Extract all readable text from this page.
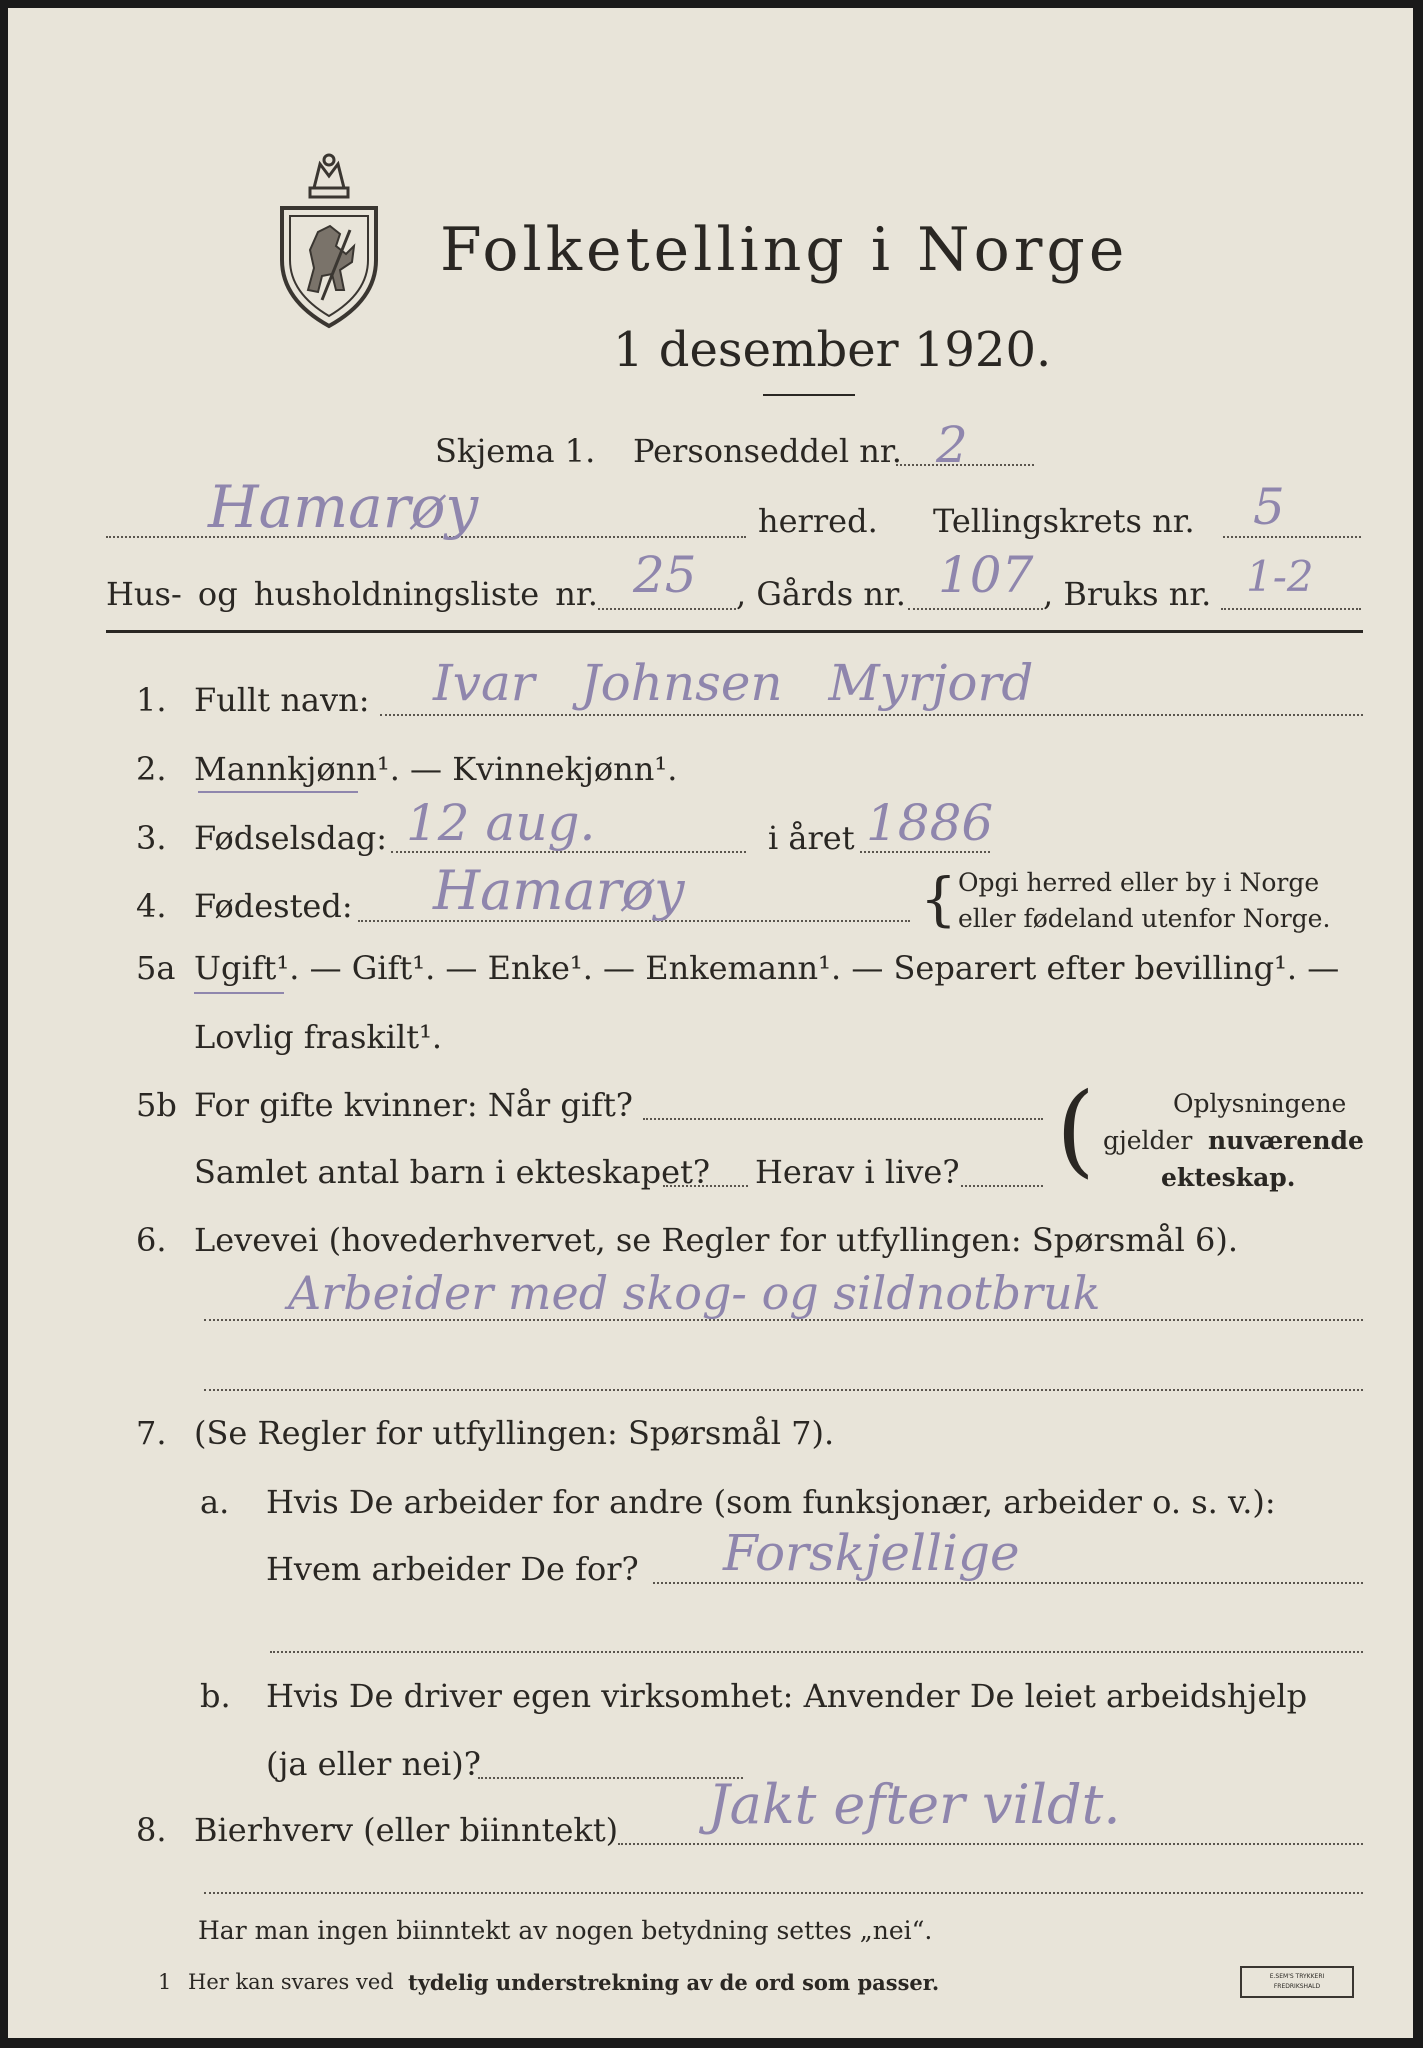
Folketelling i Norge
1 desember 1920.
Skjema 1. Personseddel nr. 2
Hamarøy	herred. Tellingskrets nr. 5
Hus- og husholdningsliste nr. 25 , Gårds nr. 107 , Bruks nr. 1-2
1. Fullt navn: Ivar Johnsen Myrjord
2. Mannkjønn¹. — Kvinnekjønn¹.
3. Fødselsdag: 12 aug.	i året 1886
4. Fødested: Hamarøy	{ Opgi herred eller by i Norge
eller fødeland utenfor Norge.
5a Ugift¹. — Gift¹. — Enke¹. — Enkemann¹. — Separert efter bevilling¹. —
Lovlig fraskilt¹.
5b For gifte kvinner: Når gift?
Samlet antal barn i ekteskapet? Herav i live? (	Oplysningene
gjelder nuværende
ekteskap.
6. Levevei (hovederhvervet, se Regler for utfyllingen: Spørsmål 6).
Arbeider med skog- og sildnotbruk
7. (Se Regler for utfyllingen: Spørsmål 7).
a. Hvis De arbeider for andre (som funksjonær, arbeider o. s. v.):
Hvem arbeider De for? Forskjellige
b. Hvis De driver egen virksomhet: Anvender De leiet arbeidshjelp
(ja eller nei)?
8. Bierhverv (eller biinntekt) Jakt efter vildt.
Har man ingen biinntekt av nogen betydning settes „nei“.
1 Her kan svares ved tydelig understrekning av de ord som passer.	E.SEM'S TRYKKERI
FREDRIKSHALD
